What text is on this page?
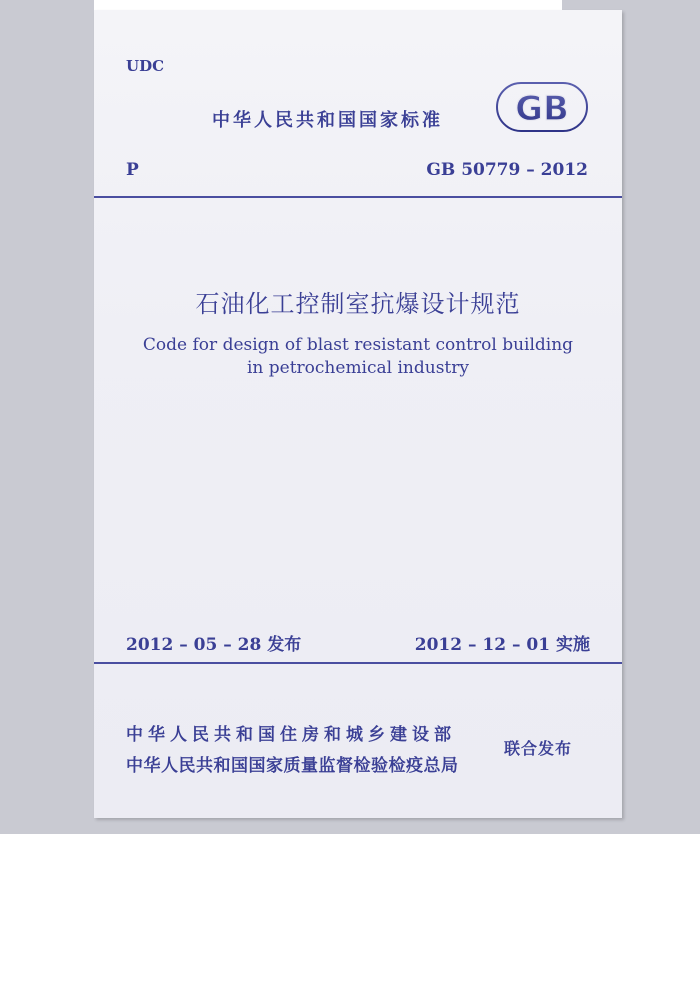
UDC
中华人民共和国国家标准 GB
P	GB 50779 – 2012
石油化工控制室抗爆设计规范
Code for design of blast resistant control building
in petrochemical industry
2012 – 05 – 28 发布	2012 – 12 – 01 实施
中华人民共和国住房和城乡建设部
中华人民共和国国家质量监督检验检疫总局
联合发布
